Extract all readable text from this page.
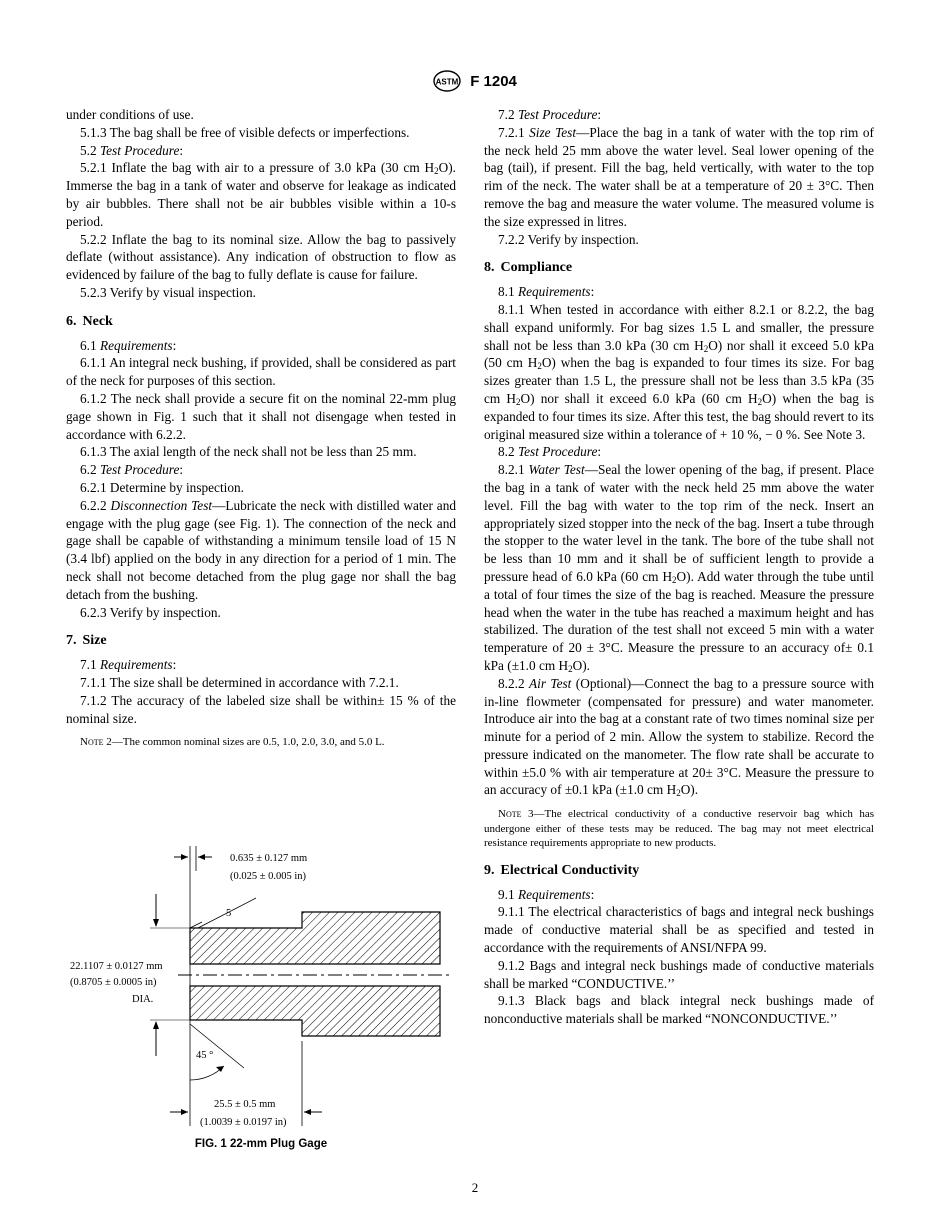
ASTM F 1204

under conditions of use.

5.1.3 The bag shall be free of visible defects or imperfections.

5.2 Test Procedure:

5.2.1 Inflate the bag with air to a pressure of 3.0 kPa (30 cm $H_2O$). Immerse the bag in a tank of water and observe for leakage as indicated by air bubbles. There shall not be air bubbles visible within a 10-s period.

5.2.2 Inflate the bag to its nominal size. Allow the bag to passively deflate (without assistance). Any indication of obstruction to flow as evidenced by failure of the bag to fully deflate is cause for failure.

5.2.3 Verify by visual inspection.

6. Neck

6.1 Requirements:

6.1.1 An integral neck bushing, if provided, shall be considered as part of the neck for purposes of this section.

6.1.2 The neck shall provide a secure fit on the nominal 22-mm plug gage shown in Fig. 1 such that it shall not disengage when tested in accordance with 6.2.2.

6.1.3 The axial length of the neck shall not be less than 25 mm.

6.2 Test Procedure:

6.2.1 Determine by inspection.

6.2.2 Disconnection Test—Lubricate the neck with distilled water and engage with the plug gage (see Fig. 1). The connection of the neck and gage shall be capable of withstanding a minimum tensile load of 15 N (3.4 lbf) applied on the body in any direction for a period of 1 min. The neck shall not become detached from the plug gage nor shall the bag detach from the bushing.

6.2.3 Verify by inspection.

7. Size

7.1 Requirements:

7.1.1 The size shall be determined in accordance with 7.2.1.

7.1.2 The accuracy of the labeled size shall be within± 15 % of the nominal size.

Note 2—The common nominal sizes are 0.5, 1.0, 2.0, 3.0, and 5.0 L.

0.635 ± 0.127 mm
(0.025 ± 0.005 in)
5
22.1107 ± 0.0127 mm
(0.8705 ± 0.0005 in)
DIA.
45 °
25.5 ± 0.5 mm
(1.0039 ± 0.0197 in)
FIG. 1 22-mm Plug Gage

7.2 Test Procedure:

7.2.1 Size Test—Place the bag in a tank of water with the top rim of the neck held 25 mm above the water level. Seal lower opening of the bag (tail), if present. Fill the bag, held vertically, with water to the top rim of the neck. The water shall be at a temperature of 20 ± 3°C. Then remove the bag and measure the water volume. The measured volume is the size expressed in litres.

7.2.2 Verify by inspection.

8. Compliance

8.1 Requirements:

8.1.1 When tested in accordance with either 8.2.1 or 8.2.2, the bag shall expand uniformly. For bag sizes 1.5 L and smaller, the pressure shall not be less than 3.0 kPa (30 cm $H_2O$) nor shall it exceed 5.0 kPa (50 cm $H_2O$) when the bag is expanded to four times its size. For bag sizes greater than 1.5 L, the pressure shall not be less than 3.5 kPa (35 cm $H_2O$) nor shall it exceed 6.0 kPa (60 cm $H_2O$) when the bag is expanded to four times its size. After this test, the bag should revert to its original measured size within a tolerance of + 10 %, − 0 %. See Note 3.

8.2 Test Procedure:

8.2.1 Water Test—Seal the lower opening of the bag, if present. Place the bag in a tank of water with the neck held 25 mm above the water level. Fill the bag with water to the top rim of the neck. Insert an appropriately sized stopper into the neck of the bag. Insert a tube through the stopper to the water level in the tank. The bore of the tube shall not be less than 10 mm and it shall be of sufficient length to provide a pressure head of 6.0 kPa (60 cm $H_2O$). Add water through the tube until a total of four times the size of the bag is reached. Measure the pressure head when the water in the tube has reached a maximum height and has stabilized. The duration of the test shall not exceed 5 min with a water temperature of 20 ± 3°C. Measure the pressure to an accuracy of± 0.1 kPa (±1.0 cm $H_2O$).

8.2.2 Air Test (Optional)—Connect the bag to a pressure source with in-line flowmeter (compensated for pressure) and water manometer. Introduce air into the bag at a constant rate of two times nominal size per minute for a period of 2 min. Allow the system to stabilize. Record the pressure indicated on the manometer. The flow rate shall be accurate to within ±5.0 % with air temperature at 20± 3°C. Measure the pressure to an accuracy of ±0.1 kPa (±1.0 cm $H_2O$).

Note 3—The electrical conductivity of a conductive reservoir bag which has undergone either of these tests may be reduced. The bag may not meet electrical resistance requirements appropriate to new products.

9. Electrical Conductivity

9.1 Requirements:

9.1.1 The electrical characteristics of bags and integral neck bushings made of conductive material shall be as specified and tested in accordance with the requirements of ANSI/NFPA 99.

9.1.2 Bags and integral neck bushings made of conductive materials shall be marked “CONDUCTIVE.’’

9.1.3 Black bags and black integral neck bushings made of nonconductive materials shall be marked “NONCONDUCTIVE.’’

2
